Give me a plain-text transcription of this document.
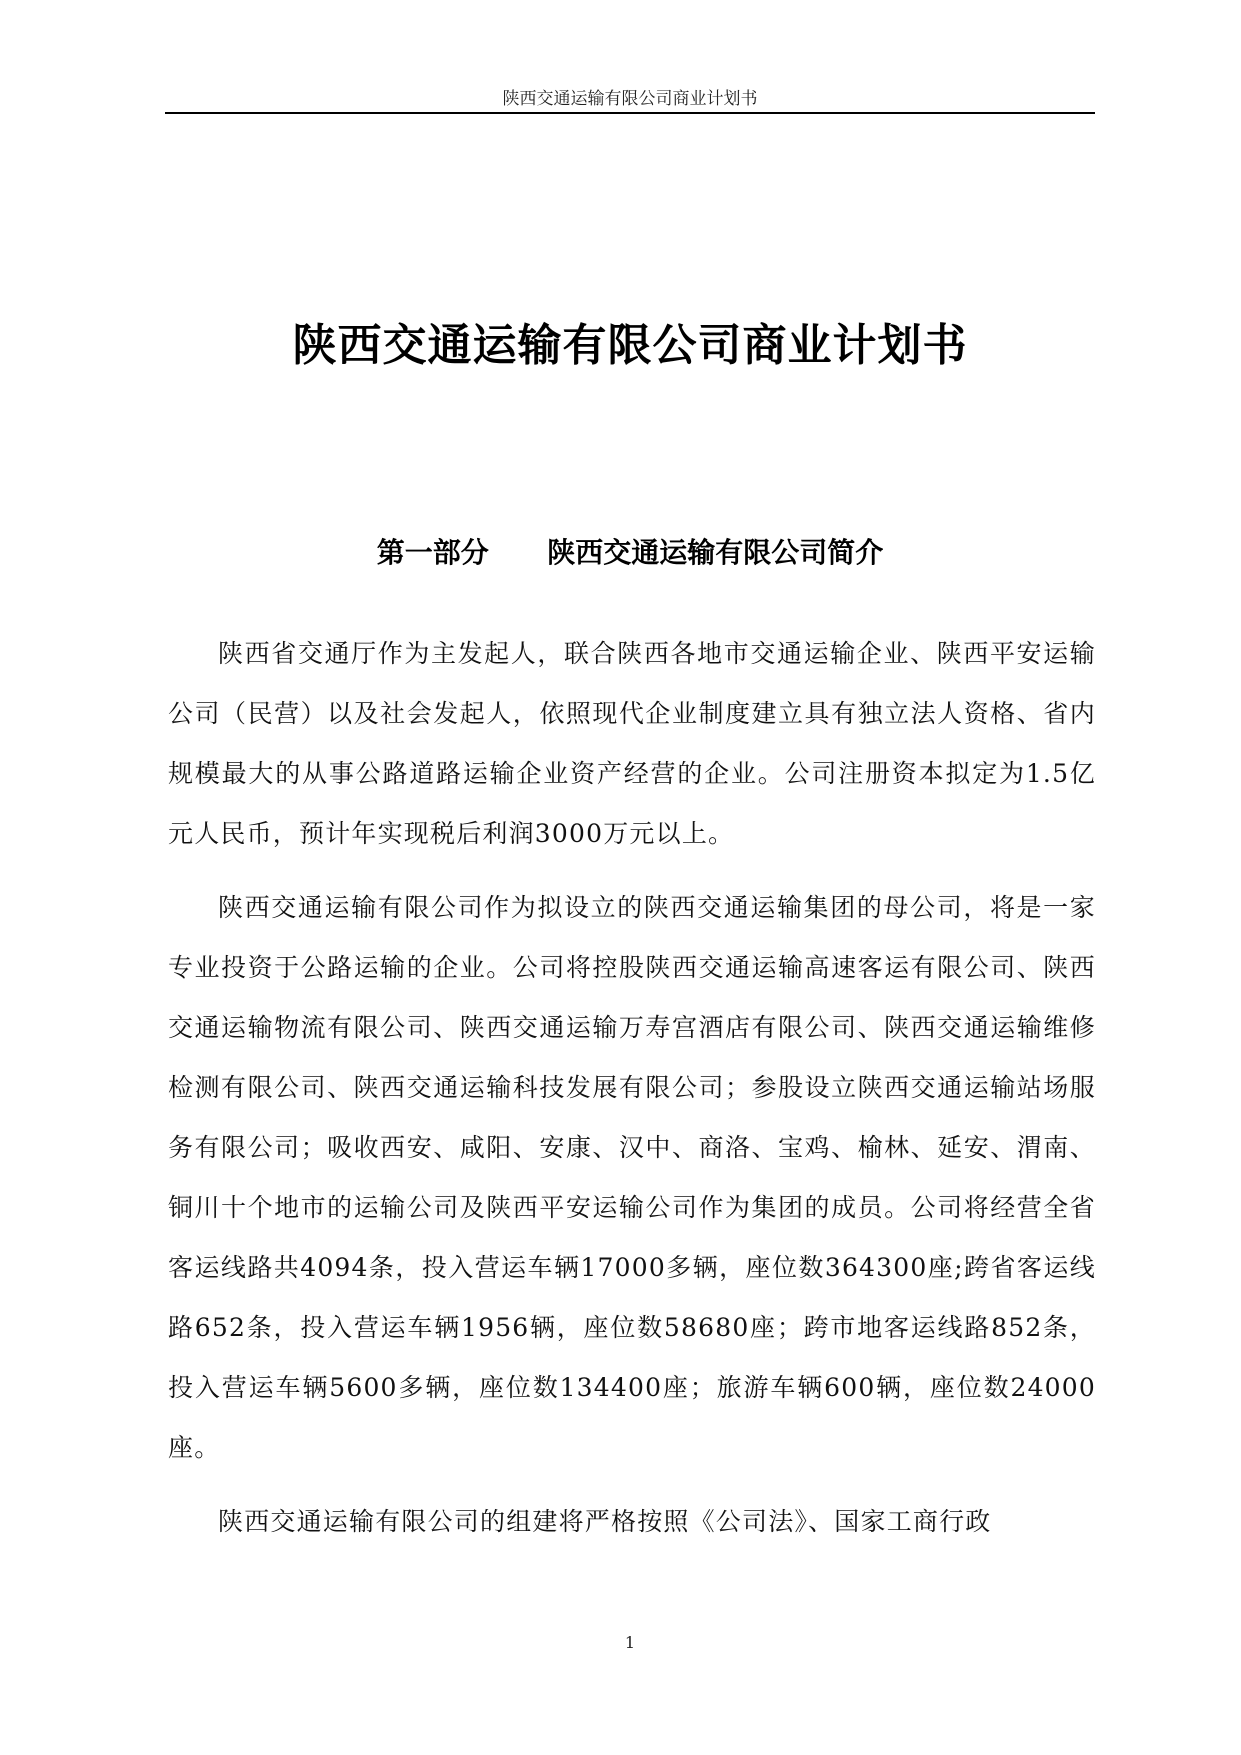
陕西交通运输有限公司商业计划书
陕西交通运输有限公司商业计划书
第一部分      陕西交通运输有限公司简介

陕西省交通厅作为主发起人，联合陕西各地市交通运输企业、陕西平安运输公司（民营）以及社会发起人，依照现代企业制度建立具有独立法人资格、省内规模最大的从事公路道路运输企业资产经营的企业。公司注册资本拟定为1.5亿元人民币，预计年实现税后利润3000万元以上。

陕西交通运输有限公司作为拟设立的陕西交通运输集团的母公司，将是一家专业投资于公路运输的企业。公司将控股陕西交通运输高速客运有限公司、陕西交通运输物流有限公司、陕西交通运输万寿宫酒店有限公司、陕西交通运输维修检测有限公司、陕西交通运输科技发展有限公司；参股设立陕西交通运输站场服务有限公司；吸收西安、咸阳、安康、汉中、商洛、宝鸡、榆林、延安、渭南、铜川十个地市的运输公司及陕西平安运输公司作为集团的成员。公司将经营全省客运线路共4094条，投入营运车辆17000多辆，座位数364300座;跨省客运线路652条，投入营运车辆1956辆，座位数58680座；跨市地客运线路852条，投入营运车辆5600多辆，座位数134400座；旅游车辆600辆，座位数24000座。

陕西交通运输有限公司的组建将严格按照《公司法》、国家工商行政

1
